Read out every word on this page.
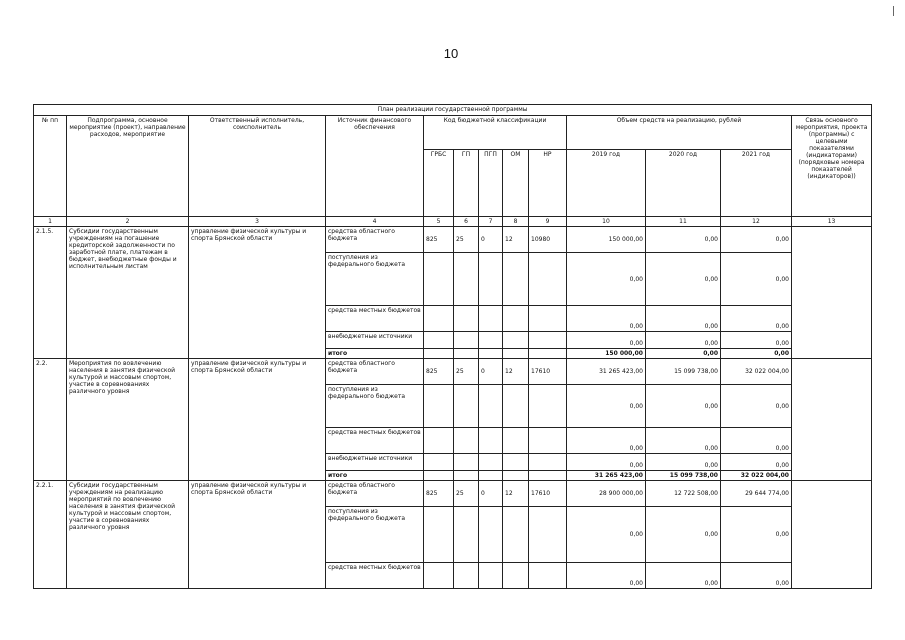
10
План реализации государственной программы												
№ пп	Подпрограмма, основное мероприятие (проект), направление расходов, мероприятие	Ответственный исполнитель, соисполнитель	Источник финансового обеспечения	Код бюджетной классификации					Объем средств на реализацию, рублей			Связь основного мероприятия, проекта (программы) с целевыми показателями (индикаторами) (порядковые номера показателей (индикаторов))
				ГРБС	ГП	ПГП	ОМ	НР	2019 год	2020 год	2021 год	
1	2	3	4	5	6	7	8	9	10	11	12	13
2.1.5.	Субсидии государственным учреждениям на погашение кредиторской задолженности по заработной плате, платежам в бюджет, внебюджетные фонды и исполнительным листам	управление физической культуры и спорта Брянской области	средства областного бюджета	825	25	0	12	10980	150 000,00	0,00	0,00	
			поступления из федерального бюджета						0,00	0,00	0,00	
			средства местных бюджетов						0,00	0,00	0,00	
			внебюджетные источники						0,00	0,00	0,00	
			итого						150 000,00	0,00	0,00	
2.2.	Мероприятия по вовлечению населения в занятия физической культурой и массовым спортом, участие в соревнованиях различного уровня	управление физической культуры и спорта Брянской области	средства областного бюджета	825	25	0	12	17610	31 265 423,00	15 099 738,00	32 022 004,00	
			поступления из федерального бюджета						0,00	0,00	0,00	
			средства местных бюджетов						0,00	0,00	0,00	
			внебюджетные источники						0,00	0,00	0,00	
			итого						31 265 423,00	15 099 738,00	32 022 004,00	
2.2.1.	Субсидии государственным учреждениям на реализацию мероприятий по вовлечению населения в занятия физической культурой и массовым спортом, участие в соревнованиях различного уровня	управление физической культуры и спорта Брянской области	средства областного бюджета	825	25	0	12	17610	28 900 000,00	12 722 508,00	29 644 774,00	
			поступления из федерального бюджета						0,00	0,00	0,00	
			средства местных бюджетов						0,00	0,00	0,00	
